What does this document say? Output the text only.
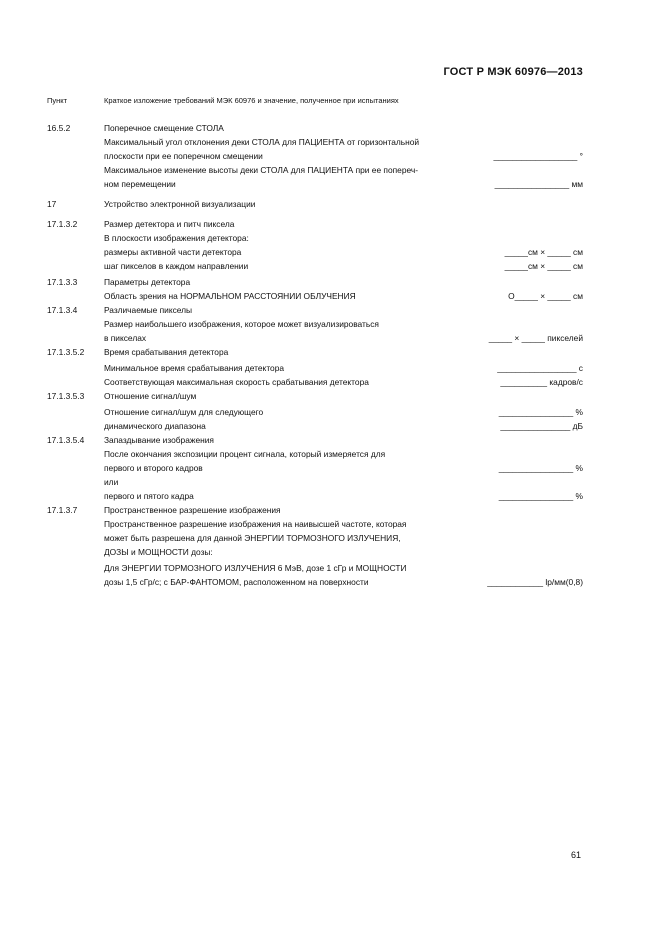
ГОСТ Р МЭК 60976—2013
Пункт	Краткое изложение требований МЭК 60976 и значение, полученное при испытаниях
16.5.2	Поперечное смещение СТОЛА
Максимальный угол отклонения деки СТОЛА для ПАЦИЕНТА от горизонтальной
плоскости при ее поперечном смещении	__________________ °
Максимальное изменение высоты деки СТОЛА для ПАЦИЕНТА при ее попереч-
ном перемещении	________________ мм
17	Устройство электронной визуализации
17.1.3.2	Размер детектора и питч пиксела
В плоскости изображения детектора:
размеры активной части детектора	_____см × _____ см
шаг пикселов в каждом направлении	_____см × _____ см
17.1.3.3	Параметры детектора
Область зрения на НОРМАЛЬНОМ РАССТОЯНИИ ОБЛУЧЕНИЯ	О_____ × _____ см
17.1.3.4	Различаемые пикселы
Размер наибольшего изображения, которое может визуализироваться
в пикселах	_____ × _____ пикселей
17.1.3.5.2 Время срабатывания детектора
Минимальное время срабатывания детектора	_________________ с
Соответствующая максимальная скорость срабатывания детектора	__________ кадров/с
17.1.3.5.3 Отношение сигнал/шум
Отношение сигнал/шум для следующего	________________ %
динамического диапазона	_______________ дБ
17.1.3.5.4 Запаздывание изображения
После окончания экспозиции процент сигнала, который измеряется для
первого и второго кадров	________________ %
или
первого и пятого кадра	________________ %
17.1.3.7	Пространственное разрешение изображения
Пространственное разрешение изображения на наивысшей частоте, которая
может быть разрешена для данной ЭНЕРГИИ ТОРМОЗНОГО ИЗЛУЧЕНИЯ,
ДОЗЫ и МОЩНОСТИ дозы:
Для ЭНЕРГИИ ТОРМОЗНОГО ИЗЛУЧЕНИЯ 6 МэВ, дозе 1 сГр и МОЩНОСТИ
дозы 1,5 сГр/с; с БАР-ФАНТОМОМ, расположенном на поверхности	____________ lp/мм(0,8)
61
